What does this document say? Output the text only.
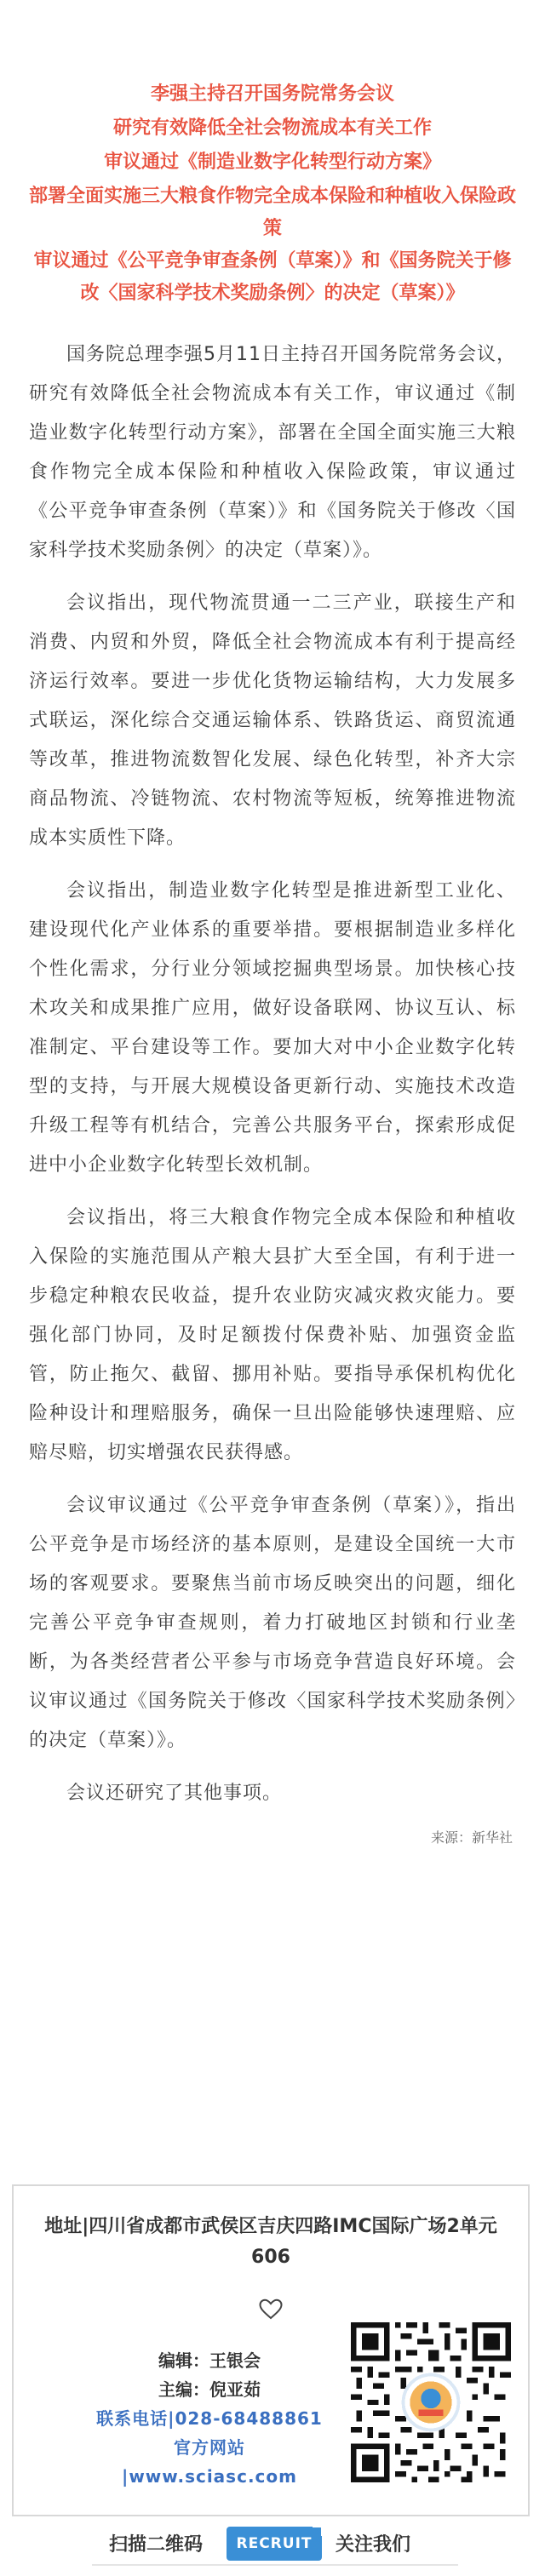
李强主持召开国务院常务会议
研究有效降低全社会物流成本有关工作
审议通过《制造业数字化转型行动方案》
部署全面实施三大粮食作物完全成本保险和种植收入保险政策
审议通过《公平竞争审查条例（草案）》和《国务院关于修改〈国家科学技术奖励条例〉的决定（草案）》

国务院总理李强5月11日主持召开国务院常务会议，研究有效降低全社会物流成本有关工作，审议通过《制造业数字化转型行动方案》，部署在全国全面实施三大粮食作物完全成本保险和种植收入保险政策，审议通过《公平竞争审查条例（草案）》和《国务院关于修改〈国家科学技术奖励条例〉的决定（草案）》。

会议指出，现代物流贯通一二三产业，联接生产和消费、内贸和外贸，降低全社会物流成本有利于提高经济运行效率。要进一步优化货物运输结构，大力发展多式联运，深化综合交通运输体系、铁路货运、商贸流通等改革，推进物流数智化发展、绿色化转型，补齐大宗商品物流、冷链物流、农村物流等短板，统筹推进物流成本实质性下降。

会议指出，制造业数字化转型是推进新型工业化、建设现代化产业体系的重要举措。要根据制造业多样化个性化需求，分行业分领域挖掘典型场景。加快核心技术攻关和成果推广应用，做好设备联网、协议互认、标准制定、平台建设等工作。要加大对中小企业数字化转型的支持，与开展大规模设备更新行动、实施技术改造升级工程等有机结合，完善公共服务平台，探索形成促进中小企业数字化转型长效机制。

会议指出，将三大粮食作物完全成本保险和种植收入保险的实施范围从产粮大县扩大至全国，有利于进一步稳定种粮农民收益，提升农业防灾减灾救灾能力。要强化部门协同，及时足额拨付保费补贴、加强资金监管，防止拖欠、截留、挪用补贴。要指导承保机构优化险种设计和理赔服务，确保一旦出险能够快速理赔、应赔尽赔，切实增强农民获得感。

会议审议通过《公平竞争审查条例（草案）》，指出公平竞争是市场经济的基本原则，是建设全国统一大市场的客观要求。要聚焦当前市场反映突出的问题，细化完善公平竞争审查规则，着力打破地区封锁和行业垄断，为各类经营者公平参与市场竞争营造良好环境。会议审议通过《国务院关于修改〈国家科学技术奖励条例〉的决定（草案）》。

会议还研究了其他事项。

来源：新华社
地址|四川省成都市武侯区吉庆四路IMC国际广场2单元606
编辑：王银会
主编：倪亚茹
联系电话|028-68488861
官方网站 |www.sciasc.com
扫描二维码	RECRUIT	关注我们
